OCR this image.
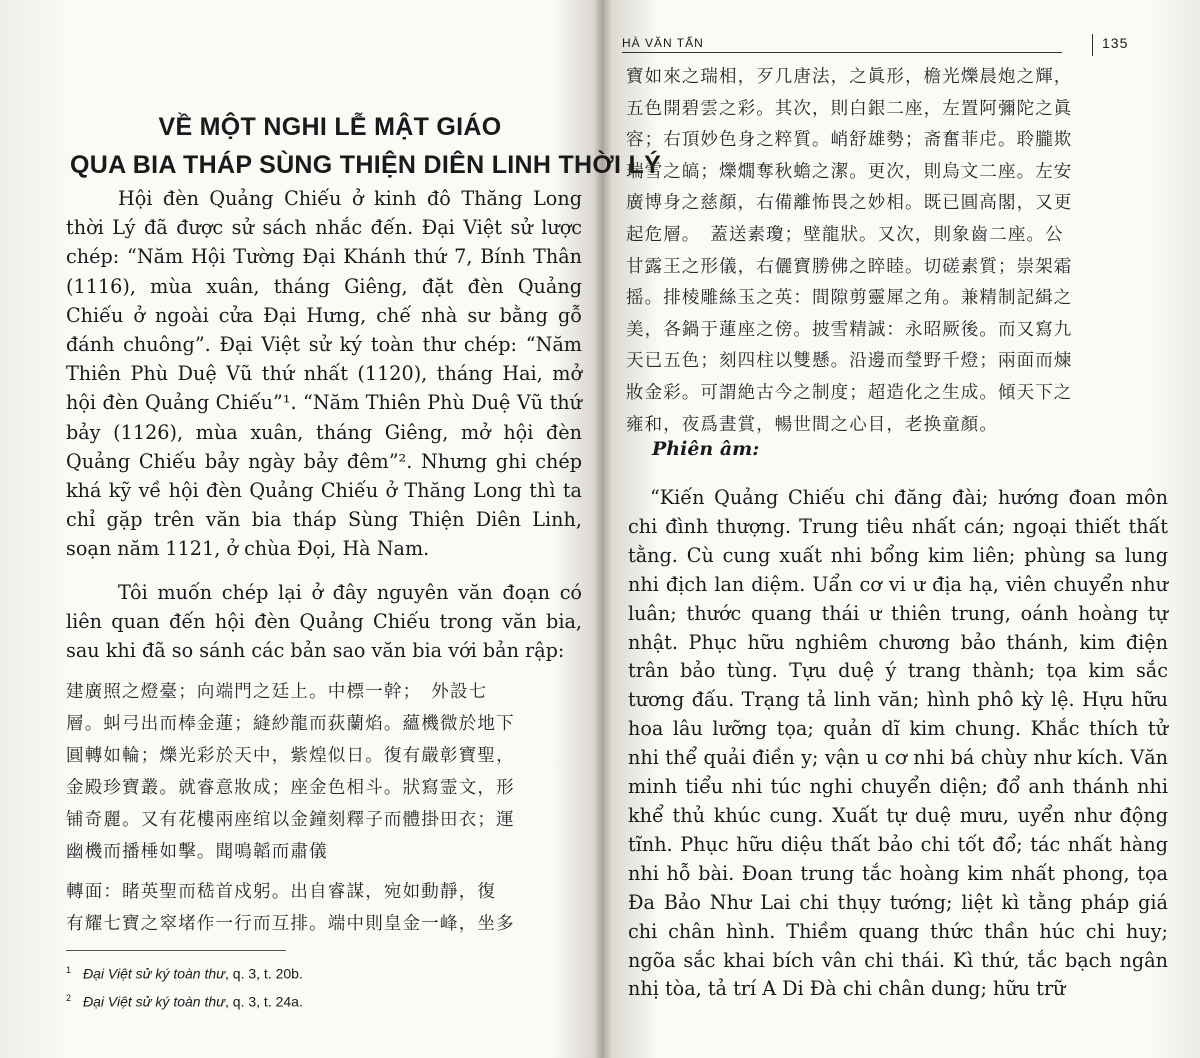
VỀ MỘT NGHI LỄ MẬT GIÁO
QUA BIA THÁP SÙNG THIỆN DIÊN LINH THỜI LÝ

Hội đèn Quảng Chiếu ở kinh đô Thăng Long thời Lý đã được sử sách nhắc đến. Đại Việt sử lược chép: “Năm Hội Tường Đại Khánh thứ 7, Bính Thân (1116), mùa xuân, tháng Giêng, đặt đèn Quảng Chiếu ở ngoài cửa Đại Hưng, chế nhà sư bằng gỗ đánh chuông”. Đại Việt sử ký toàn thư chép: “Năm Thiên Phù Duệ Vũ thứ nhất (1120), tháng Hai, mở hội đèn Quảng Chiếu”¹. “Năm Thiên Phù Duệ Vũ thứ bảy (1126), mùa xuân, tháng Giêng, mở hội đèn Quảng Chiếu bảy ngày bảy đêm”². Nhưng ghi chép khá kỹ về hội đèn Quảng Chiếu ở Thăng Long thì ta chỉ gặp trên văn bia tháp Sùng Thiện Diên Linh, soạn năm 1121, ở chùa Đọi, Hà Nam.

Tôi muốn chép lại ở đây nguyên văn đoạn có liên quan đến hội đèn Quảng Chiếu trong văn bia, sau khi đã so sánh các bản sao văn bia với bản rập:

建廣照之燈臺；向端門之廷上。中標一幹；　外設七
層。虯弓出而棒金蓮；縫紗龍而荻蘭焰。蘊機微於地下
圓轉如輪；爍光彩於天中，紫煌似日。復有嚴彰寶聖，
金殿珍寶叢。就睿意妝成；座金色相斗。狀寫霊文，形
铺奇麗。又有花樓兩座绾以金鐘刻釋子而體掛田衣；運
幽機而播棰如擊。聞鳴韜而肅儀
轉面：睹英聖而嵇首戍躬。出自睿謀，宛如動靜，復
有耀七寶之窣堵作一行而互排。端中則皇金一峰，坐多
$^1$ Đại Việt sử ký toàn thư, q. 3, t. 20b.
$^2$ Đại Việt sử ký toàn thư, q. 3, t. 24a.
HÀ VĂN TẤN	135
寶如來之瑞相，歹几唐法，之眞形，檐光爍晨炮之輝，
五色開碧雲之彩。其次，則白銀二座，左置阿彌陀之眞
容；右頂妙色身之粹質。峭舒雄勢；斋奮菲虍。聆朧欺
瑞雪之皜；爍燗奪秋蟾之潔。更次，則烏文二座。左安
廣博身之慈顏，右備離怖畏之妙相。既已圓高閣，又更
起危層。　蓋送素瓊；壁龍狀。又次，則象齒二座。公
甘露王之形儀，右儷寶勝佛之睟睦。切磋素質；崇架霜
摇。排棱雕絲玉之英：間隙剪靈犀之角。兼精制記緝之
美，各鍋于蓮座之傍。披雪精誠：永昭厥後。而又寫九
天已五色；刻四柱以雙懸。沿邊而瑩野千燈；兩面而煉
妝金彩。可謂絶古今之制度；超造化之生成。傾天下之
雍和，夜爲晝賞，暢世間之心目，老换童顏。
Phiên âm:

“Kiến Quảng Chiếu chi đăng đài; hướng đoan môn chi đình thượng. Trung tiêu nhất cán; ngoại thiết thất tằng. Cù cung xuất nhi bổng kim liên; phùng sa lung nhi địch lan diệm. Uẩn cơ vi ư địa hạ, viên chuyển như luân; thước quang thái ư thiên trung, oánh hoàng tự nhật. Phục hữu nghiêm chương bảo thánh, kim điện trân bảo tùng. Tựu duệ ý trang thành; tọa kim sắc tương đấu. Trạng tả linh văn; hình phô kỳ lệ. Hựu hữu hoa lâu lưỡng tọa; quản dĩ kim chung. Khắc thích tử nhi thể quải điền y; vận u cơ nhi bá chùy như kích. Văn minh tiểu nhi túc nghi chuyển diện; đổ anh thánh nhi khể thủ khúc cung. Xuất tự duệ mưu, uyển như động tĩnh. Phục hữu diệu thất bảo chi tốt đổ; tác nhất hàng nhi hỗ bài. Đoan trung tắc hoàng kim nhất phong, tọa Đa Bảo Như Lai chi thụy tướng; liệt kì tằng pháp giá chi chân hình. Thiềm quang thức thần húc chi huy; ngõa sắc khai bích vân chi thái. Kì thứ, tắc bạch ngân nhị tòa, tả trí A Di Đà chi chân dung; hữu trữ
